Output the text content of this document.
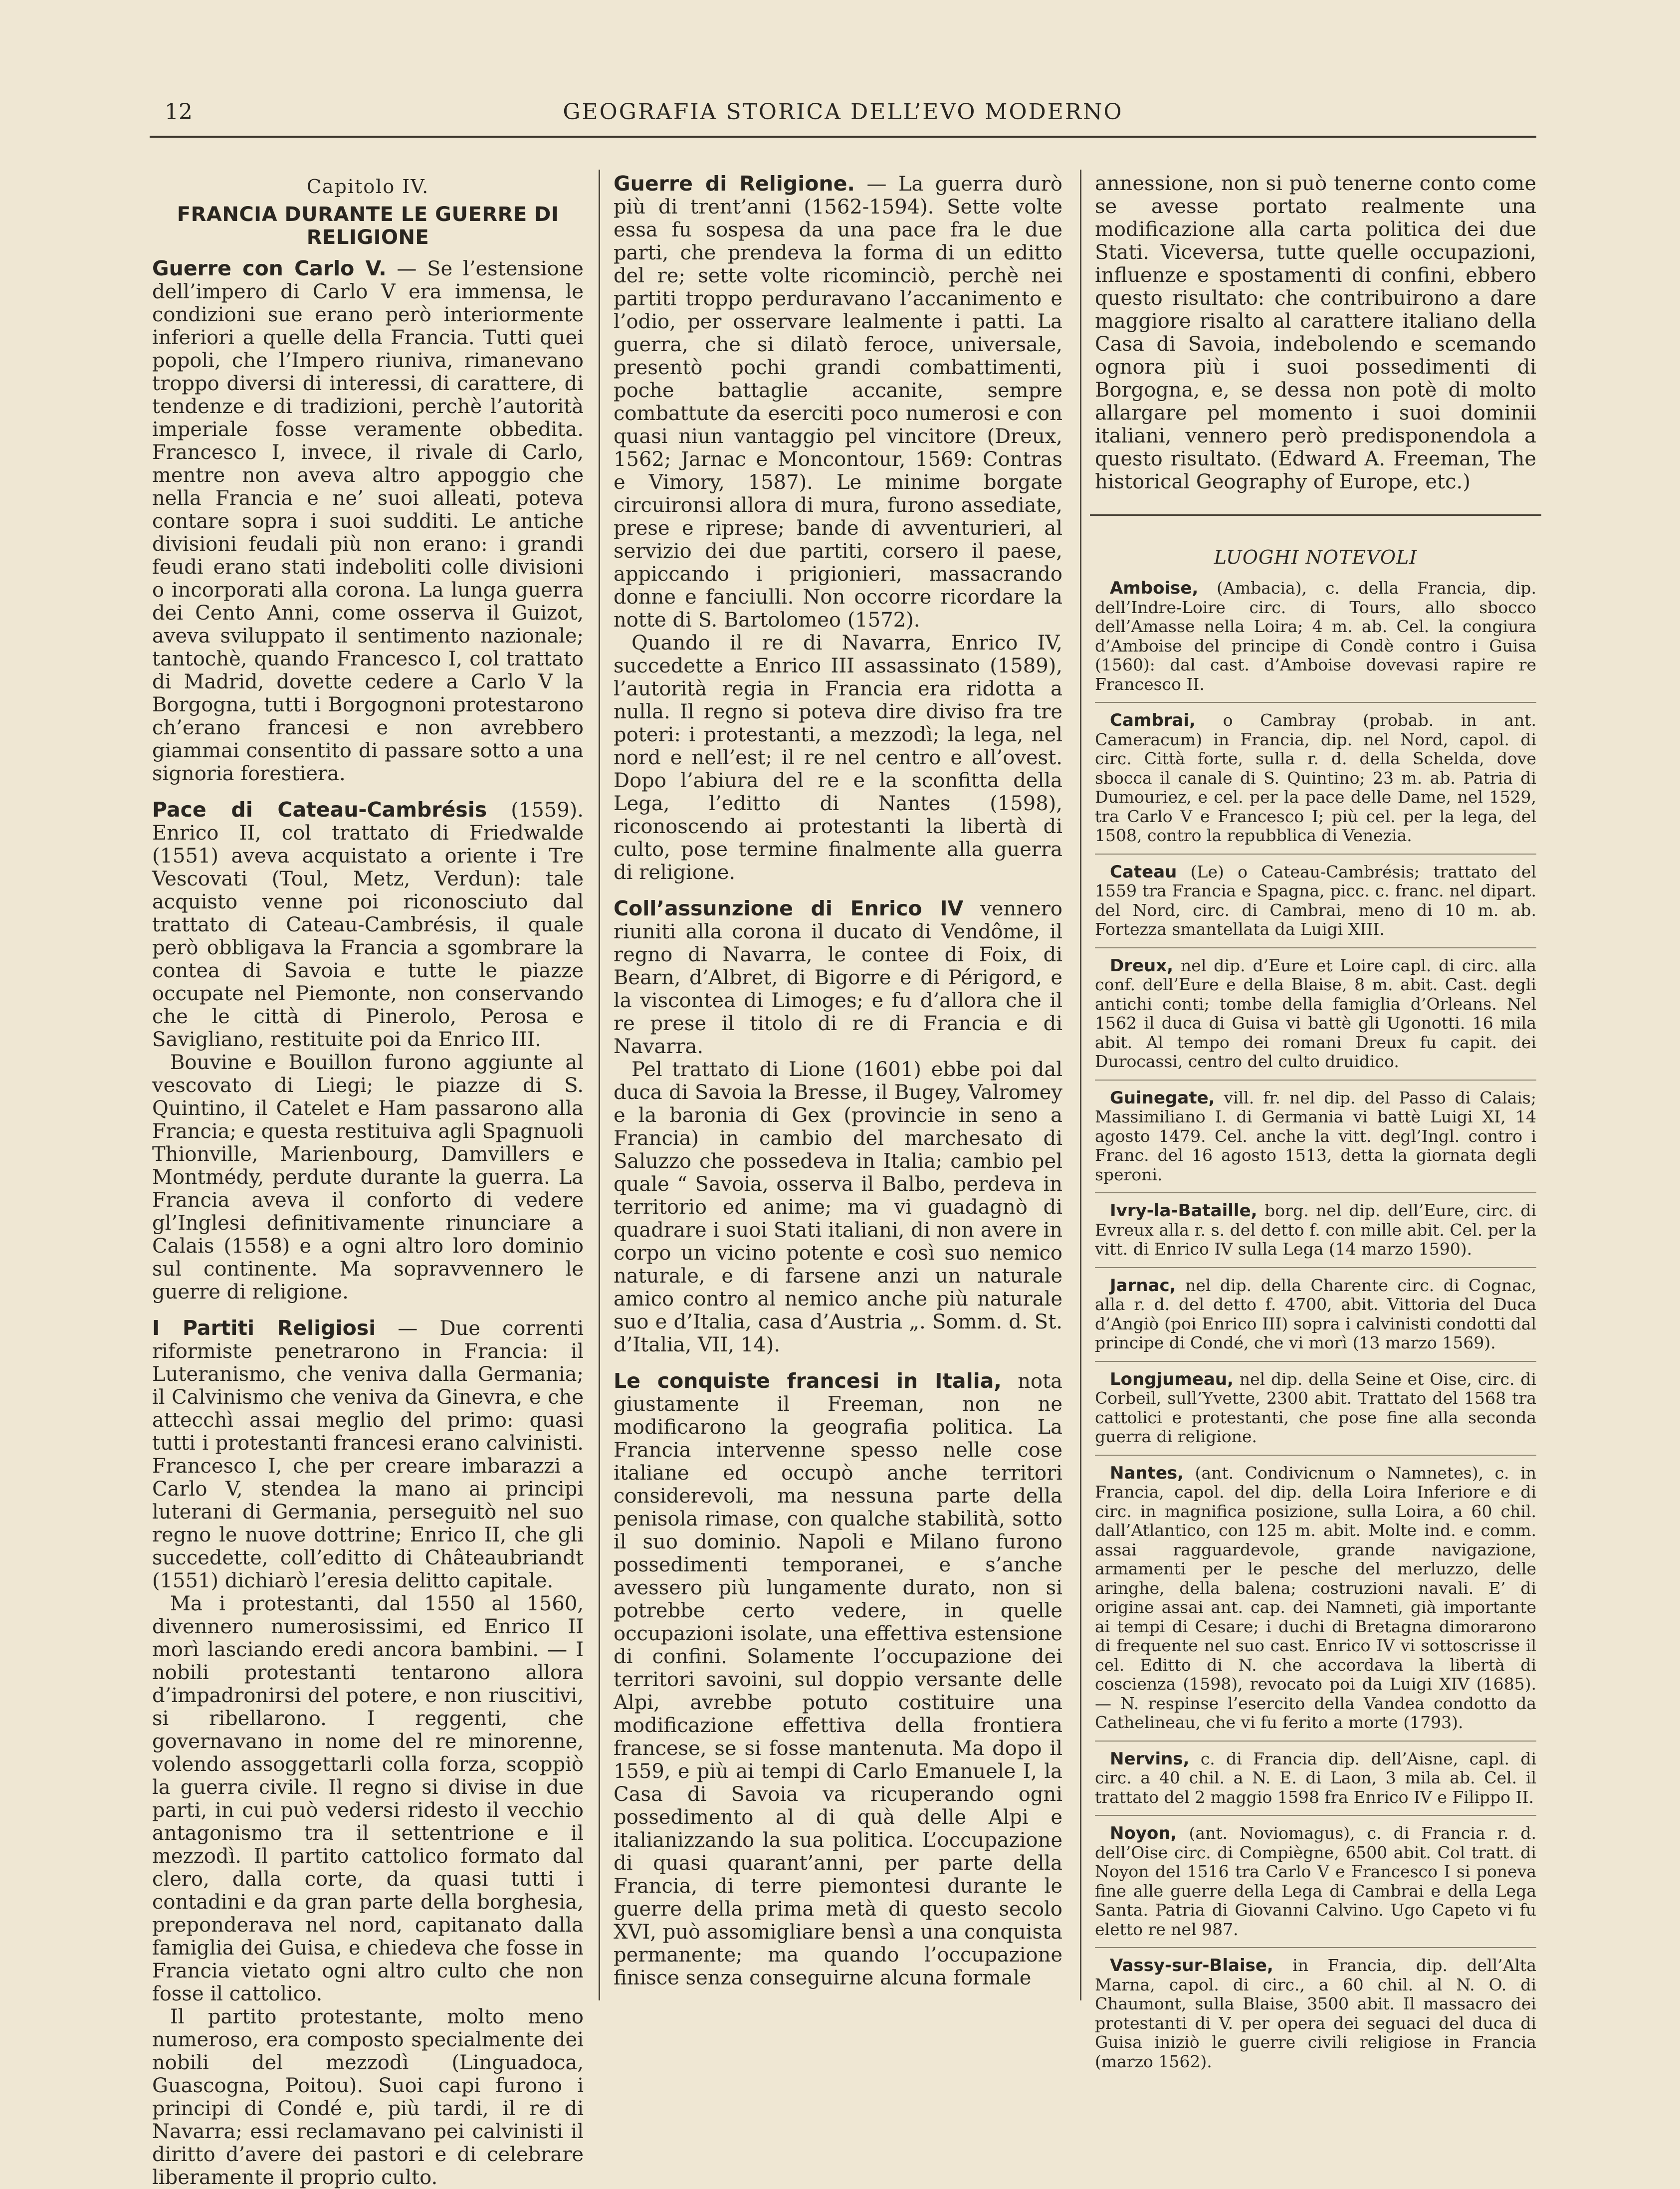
12	GEOGRAFIA STORICA DELL’EVO MODERNO
Capitolo IV.
FRANCIA DURANTE LE GUERRE DI RELIGIONE

Guerre con Carlo V. — Se l’estensione dell’impero di Carlo V era immensa, le condizioni sue erano però interiormente inferiori a quelle della Francia. Tutti quei popoli, che l’Impero riuniva, rimanevano troppo diversi di interessi, di carattere, di tendenze e di tradizioni, perchè l’autorità imperiale fosse veramente obbedita. Francesco I, invece, il rivale di Carlo, mentre non aveva altro appoggio che nella Francia e ne’ suoi alleati, poteva contare sopra i suoi sudditi. Le antiche divisioni feudali più non erano: i grandi feudi erano stati indeboliti colle divisioni o incorporati alla corona. La lunga guerra dei Cento Anni, come osserva il Guizot, aveva sviluppato il sentimento nazionale; tantochè, quando Francesco I, col trattato di Madrid, dovette cedere a Carlo V la Borgogna, tutti i Borgognoni protestarono ch’erano francesi e non avrebbero giammai consentito di passare sotto a una signoria forestiera.

Pace di Cateau-Cambrésis (1559). Enrico II, col trattato di Friedwalde (1551) aveva acquistato a oriente i Tre Vescovati (Toul, Metz, Verdun): tale acquisto venne poi riconosciuto dal trattato di Cateau-Cambrésis, il quale però obbligava la Francia a sgombrare la contea di Savoia e tutte le piazze occupate nel Piemonte, non conservando che le città di Pinerolo, Perosa e Savigliano, restituite poi da Enrico III.

Bouvine e Bouillon furono aggiunte al vescovato di Liegi; le piazze di S. Quintino, il Catelet e Ham passarono alla Francia; e questa restituiva agli Spagnuoli Thionville, Marienbourg, Damvillers e Montmédy, perdute durante la guerra. La Francia aveva il conforto di vedere gl’Inglesi definitivamente rinunciare a Calais (1558) e a ogni altro loro dominio sul continente. Ma sopravvennero le guerre di religione.

I Partiti Religiosi — Due correnti riformiste penetrarono in Francia: il Luteranismo, che veniva dalla Germania; il Calvinismo che veniva da Ginevra, e che attecchì assai meglio del primo: quasi tutti i protestanti francesi erano calvinisti. Francesco I, che per creare imbarazzi a Carlo V, stendea la mano ai principi luterani di Germania, perseguitò nel suo regno le nuove dottrine; Enrico II, che gli succedette, coll’editto di Châteaubriandt (1551) dichiarò l’eresia delitto capitale.

Ma i protestanti, dal 1550 al 1560, divennero numerosissimi, ed Enrico II morì lasciando eredi ancora bambini. — I nobili protestanti tentarono allora d’impadronirsi del potere, e non riuscitivi, si ribellarono. I reggenti, che governavano in nome del re minorenne, volendo assoggettarli colla forza, scoppiò la guerra civile. Il regno si divise in due parti, in cui può vedersi ridesto il vecchio antagonismo tra il settentrione e il mezzodì. Il partito cattolico formato dal clero, dalla corte, da quasi tutti i contadini e da gran parte della borghesia, preponderava nel nord, capitanato dalla famiglia dei Guisa, e chiedeva che fosse in Francia vietato ogni altro culto che non fosse il cattolico.

Il partito protestante, molto meno numeroso, era composto specialmente dei nobili del mezzodì (Linguadoca, Guascogna, Poitou). Suoi capi furono i principi di Condé e, più tardi, il re di Navarra; essi reclamavano pei calvinisti il diritto d’avere dei pastori e di celebrare liberamente il proprio culto.

Guerre di Religione. — La guerra durò più di trent’anni (1562-1594). Sette volte essa fu sospesa da una pace fra le due parti, che prendeva la forma di un editto del re; sette volte ricominciò, perchè nei partiti troppo perduravano l’accanimento e l’odio, per osservare lealmente i patti. La guerra, che si dilatò feroce, universale, presentò pochi grandi combattimenti, poche battaglie accanite, sempre combattute da eserciti poco numerosi e con quasi niun vantaggio pel vincitore (Dreux, 1562; Jarnac e Moncontour, 1569: Contras e Vimory, 1587). Le minime borgate circuironsi allora di mura, furono assediate, prese e riprese; bande di avventurieri, al servizio dei due partiti, corsero il paese, appiccando i prigionieri, massacrando donne e fanciulli. Non occorre ricordare la notte di S. Bartolomeo (1572).

Quando il re di Navarra, Enrico IV, succedette a Enrico III assassinato (1589), l’autorità regia in Francia era ridotta a nulla. Il regno si poteva dire diviso fra tre poteri: i protestanti, a mezzodì; la lega, nel nord e nell’est; il re nel centro e all’ovest. Dopo l’abiura del re e la sconfitta della Lega, l’editto di Nantes (1598), riconoscendo ai protestanti la libertà di culto, pose termine finalmente alla guerra di religione.

Coll’assunzione di Enrico IV vennero riuniti alla corona il ducato di Vendôme, il regno di Navarra, le contee di Foix, di Bearn, d’Albret, di Bigorre e di Périgord, e la viscontea di Limoges; e fu d’allora che il re prese il titolo di re di Francia e di Navarra.

Pel trattato di Lione (1601) ebbe poi dal duca di Savoia la Bresse, il Bugey, Valromey e la baronia di Gex (provincie in seno a Francia) in cambio del marchesato di Saluzzo che possedeva in Italia; cambio pel quale “ Savoia, osserva il Balbo, perdeva in territorio ed anime; ma vi guadagnò di quadrare i suoi Stati italiani, di non avere in corpo un vicino potente e così suo nemico naturale, e di farsene anzi un naturale amico contro al nemico anche più naturale suo e d’Italia, casa d’Austria „. Somm. d. St. d’Italia, VII, 14).

Le conquiste francesi in Italia, nota giustamente il Freeman, non ne modificarono la geografia politica. La Francia intervenne spesso nelle cose italiane ed occupò anche territori considerevoli, ma nessuna parte della penisola rimase, con qualche stabilità, sotto il suo dominio. Napoli e Milano furono possedimenti temporanei, e s’anche avessero più lungamente durato, non si potrebbe certo vedere, in quelle occupazioni isolate, una effettiva estensione di confini. Solamente l’occupazione dei territori savoini, sul doppio versante delle Alpi, avrebbe potuto costituire una modificazione effettiva della frontiera francese, se si fosse mantenuta. Ma dopo il 1559, e più ai tempi di Carlo Emanuele I, la Casa di Savoia va ricuperando ogni possedimento al di quà delle Alpi e italianizzando la sua politica. L’occupazione di quasi quarant’anni, per parte della Francia, di terre piemontesi durante le guerre della prima metà di questo secolo XVI, può assomigliare bensì a una conquista permanente; ma quando l’occupazione finisce senza conseguirne alcuna formale

annessione, non si può tenerne conto come se avesse portato realmente una modificazione alla carta politica dei due Stati. Viceversa, tutte quelle occupazioni, influenze e spostamenti di confini, ebbero questo risultato: che contribuirono a dare maggiore risalto al carattere italiano della Casa di Savoia, indebolendo e scemando ognora più i suoi possedimenti di Borgogna, e, se dessa non potè di molto allargare pel momento i suoi dominii italiani, vennero però predisponendola a questo risultato. (Edward A. Freeman, The historical Geography of Europe, etc.)

LUOGHI NOTEVOLI

Amboise, (Ambacia), c. della Francia, dip. dell’Indre-Loire circ. di Tours, allo sbocco dell’Amasse nella Loira; 4 m. ab. Cel. la congiura d’Amboise del principe di Condè contro i Guisa (1560): dal cast. d’Amboise dovevasi rapire re Francesco II.

Cambrai, o Cambray (probab. in ant. Cameracum) in Francia, dip. nel Nord, capol. di circ. Città forte, sulla r. d. della Schelda, dove sbocca il canale di S. Quintino; 23 m. ab. Patria di Dumouriez, e cel. per la pace delle Dame, nel 1529, tra Carlo V e Francesco I; più cel. per la lega, del 1508, contro la repubblica di Venezia.

Cateau (Le) o Cateau-Cambrésis; trattato del 1559 tra Francia e Spagna, picc. c. franc. nel dipart. del Nord, circ. di Cambrai, meno di 10 m. ab. Fortezza smantellata da Luigi XIII.

Dreux, nel dip. d’Eure et Loire capl. di circ. alla conf. dell’Eure e della Blaise, 8 m. abit. Cast. degli antichi conti; tombe della famiglia d’Orleans. Nel 1562 il duca di Guisa vi battè gli Ugonotti. 16 mila abit. Al tempo dei romani Dreux fu capit. dei Durocassi, centro del culto druidico.

Guinegate, vill. fr. nel dip. del Passo di Calais; Massimiliano I. di Germania vi battè Luigi XI, 14 agosto 1479. Cel. anche la vitt. degl’Ingl. contro i Franc. del 16 agosto 1513, detta la giornata degli speroni.

Ivry-la-Bataille, borg. nel dip. dell’Eure, circ. di Evreux alla r. s. del detto f. con mille abit. Cel. per la vitt. di Enrico IV sulla Lega (14 marzo 1590).

Jarnac, nel dip. della Charente circ. di Cognac, alla r. d. del detto f. 4700, abit. Vittoria del Duca d’Angiò (poi Enrico III) sopra i calvinisti condotti dal principe di Condé, che vi morì (13 marzo 1569).

Longjumeau, nel dip. della Seine et Oise, circ. di Corbeil, sull’Yvette, 2300 abit. Trattato del 1568 tra cattolici e protestanti, che pose fine alla seconda guerra di religione.

Nantes, (ant. Condivicnum o Namnetes), c. in Francia, capol. del dip. della Loira Inferiore e di circ. in magnifica posizione, sulla Loira, a 60 chil. dall’Atlantico, con 125 m. abit. Molte ind. e comm. assai ragguardevole, grande navigazione, armamenti per le pesche del merluzzo, delle aringhe, della balena; costruzioni navali. E’ di origine assai ant. cap. dei Namneti, già importante ai tempi di Cesare; i duchi di Bretagna dimorarono di frequente nel suo cast. Enrico IV vi sottoscrisse il cel. Editto di N. che accordava la libertà di coscienza (1598), revocato poi da Luigi XIV (1685). — N. respinse l’esercito della Vandea condotto da Cathelineau, che vi fu ferito a morte (1793).

Nervins, c. di Francia dip. dell’Aisne, capl. di circ. a 40 chil. a N. E. di Laon, 3 mila ab. Cel. il trattato del 2 maggio 1598 fra Enrico IV e Filippo II.

Noyon, (ant. Noviomagus), c. di Francia r. d. dell’Oise circ. di Compiègne, 6500 abit. Col tratt. di Noyon del 1516 tra Carlo V e Francesco I si poneva fine alle guerre della Lega di Cambrai e della Lega Santa. Patria di Giovanni Calvino. Ugo Capeto vi fu eletto re nel 987.

Vassy-sur-Blaise, in Francia, dip. dell’Alta Marna, capol. di circ., a 60 chil. al N. O. di Chaumont, sulla Blaise, 3500 abit. Il massacro dei protestanti di V. per opera dei seguaci del duca di Guisa iniziò le guerre civili religiose in Francia (marzo 1562).
